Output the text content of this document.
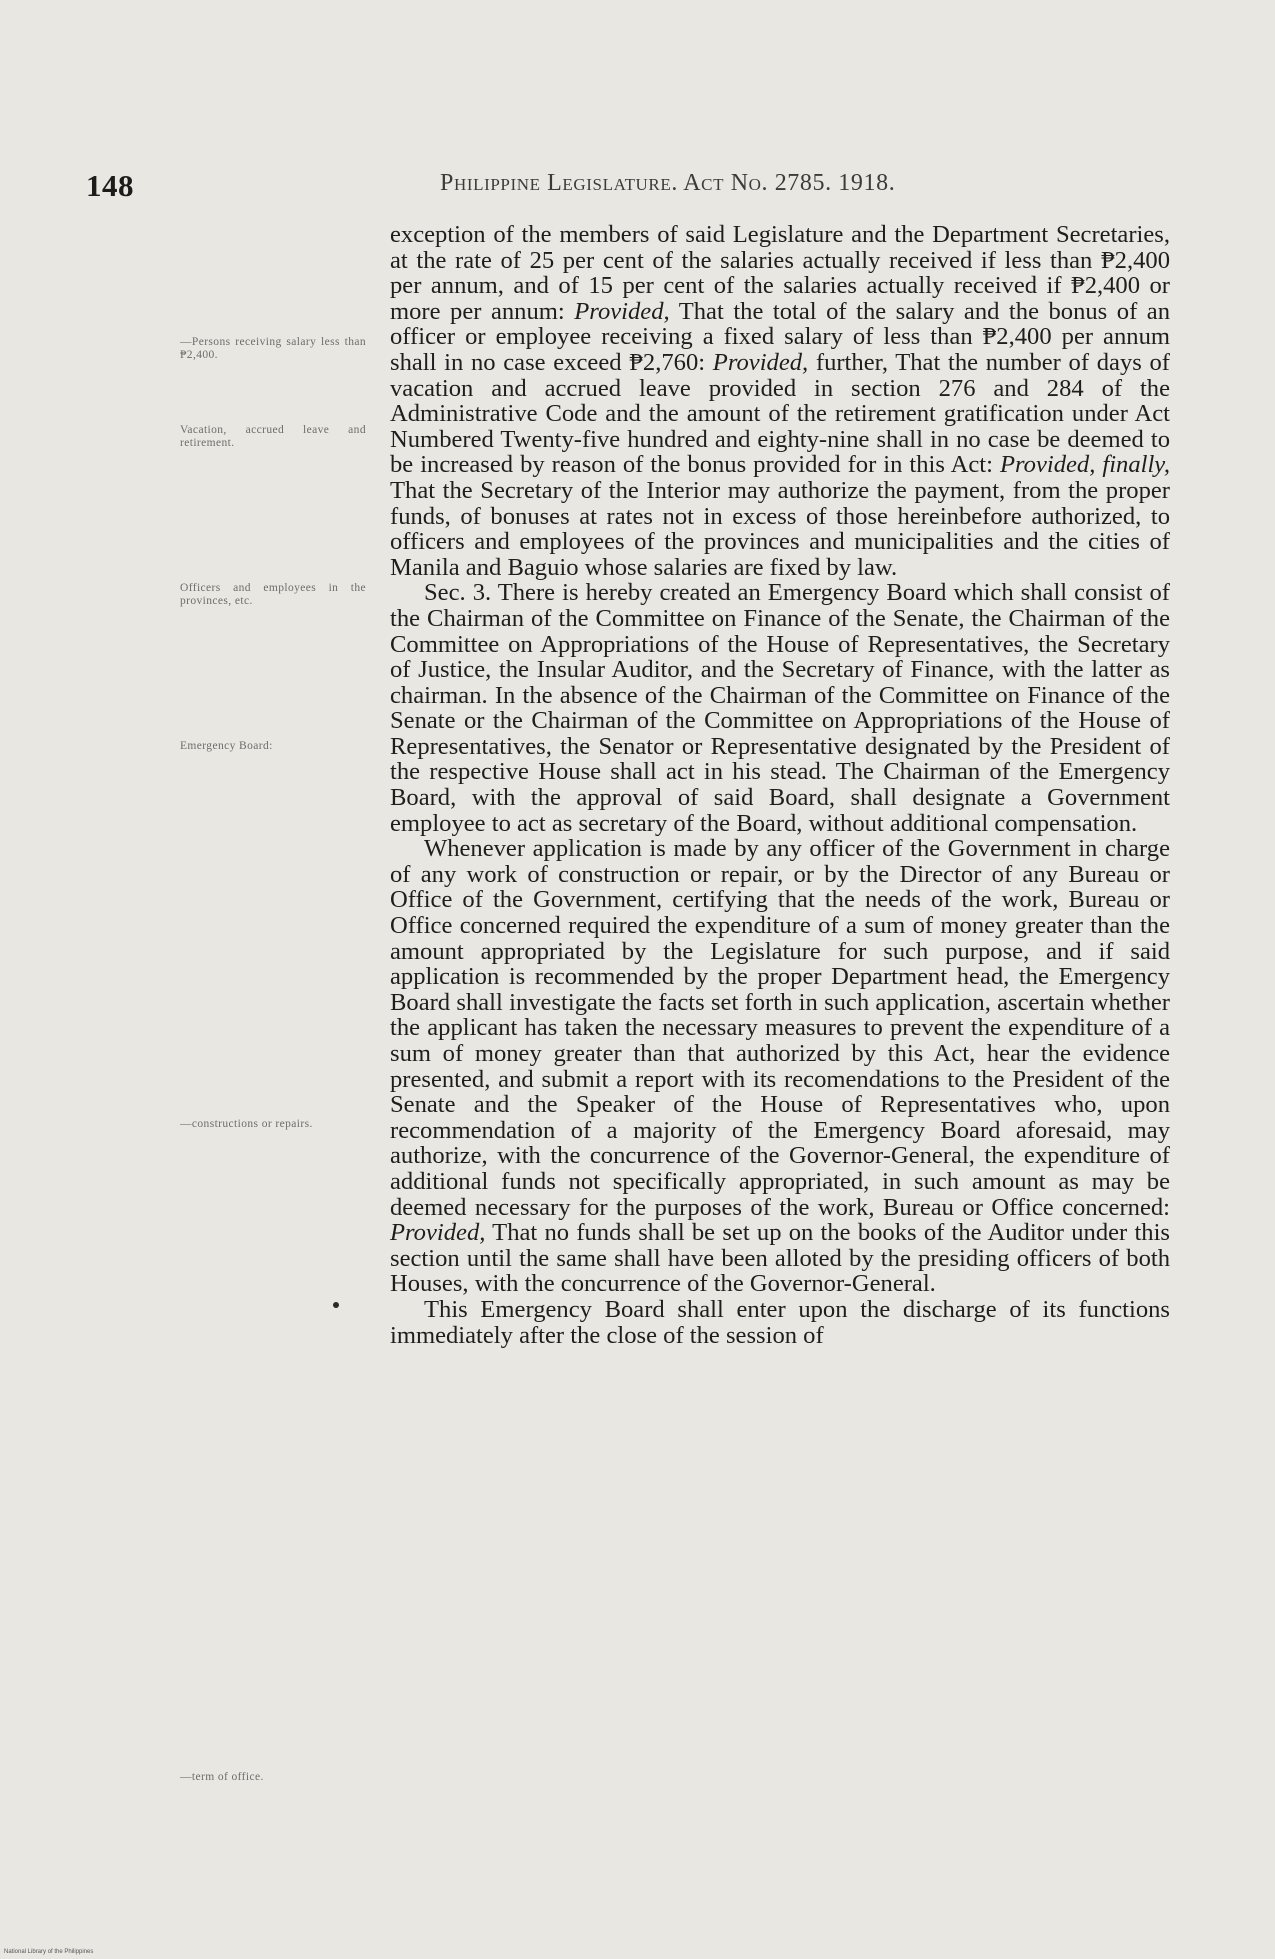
148	Philippine Legislature. Act No. 2785. 1918.
—Persons receiving salary less than ₱2,400.
Vacation, accrued leave and retirement.
Officers and employees in the provinces, etc.
Emergency Board:
—constructions or repairs.
—term of office.

exception of the members of said Legislature and the Department Secretaries, at the rate of 25 per cent of the salaries actually received if less than ₱2,400 per annum, and of 15 per cent of the salaries actually received if ₱2,400 or more per annum: Provided, That the total of the salary and the bonus of an officer or employee receiving a fixed salary of less than ₱2,400 per annum shall in no case exceed ₱2,760: Provided, further, That the number of days of vacation and accrued leave provided in section 276 and 284 of the Administrative Code and the amount of the retirement gratification under Act Numbered Twenty-five hundred and eighty-nine shall in no case be deemed to be increased by reason of the bonus provided for in this Act: Provided, finally, That the Secretary of the Interior may authorize the payment, from the proper funds, of bonuses at rates not in excess of those hereinbefore authorized, to officers and employees of the provinces and municipalities and the cities of Manila and Baguio whose salaries are fixed by law.

Sec. 3. There is hereby created an Emergency Board which shall consist of the Chairman of the Committee on Finance of the Senate, the Chairman of the Committee on Appropriations of the House of Representatives, the Secretary of Justice, the Insular Auditor, and the Secretary of Finance, with the latter as chairman. In the absence of the Chairman of the Committee on Finance of the Senate or the Chairman of the Committee on Appropriations of the House of Representatives, the Senator or Representative designated by the President of the respective House shall act in his stead. The Chairman of the Emergency Board, with the approval of said Board, shall designate a Government employee to act as secretary of the Board, without additional compensation.

Whenever application is made by any officer of the Government in charge of any work of construction or repair, or by the Director of any Bureau or Office of the Government, certifying that the needs of the work, Bureau or Office concerned required the expenditure of a sum of money greater than the amount appropriated by the Legislature for such purpose, and if said application is recommended by the proper Department head, the Emergency Board shall investigate the facts set forth in such application, ascertain whether the applicant has taken the necessary measures to prevent the expenditure of a sum of money greater than that authorized by this Act, hear the evidence presented, and submit a report with its recomendations to the President of the Senate and the Speaker of the House of Representatives who, upon recommendation of a majority of the Emergency Board aforesaid, may authorize, with the concurrence of the Governor-General, the expenditure of additional funds not specifically appropriated, in such amount as may be deemed necessary for the purposes of the work, Bureau or Office concerned: Provided, That no funds shall be set up on the books of the Auditor under this section until the same shall have been alloted by the presiding officers of both Houses, with the concurrence of the Governor-General.

This Emergency Board shall enter upon the discharge of its functions immediately after the close of the session of

National Library of the Philippines
